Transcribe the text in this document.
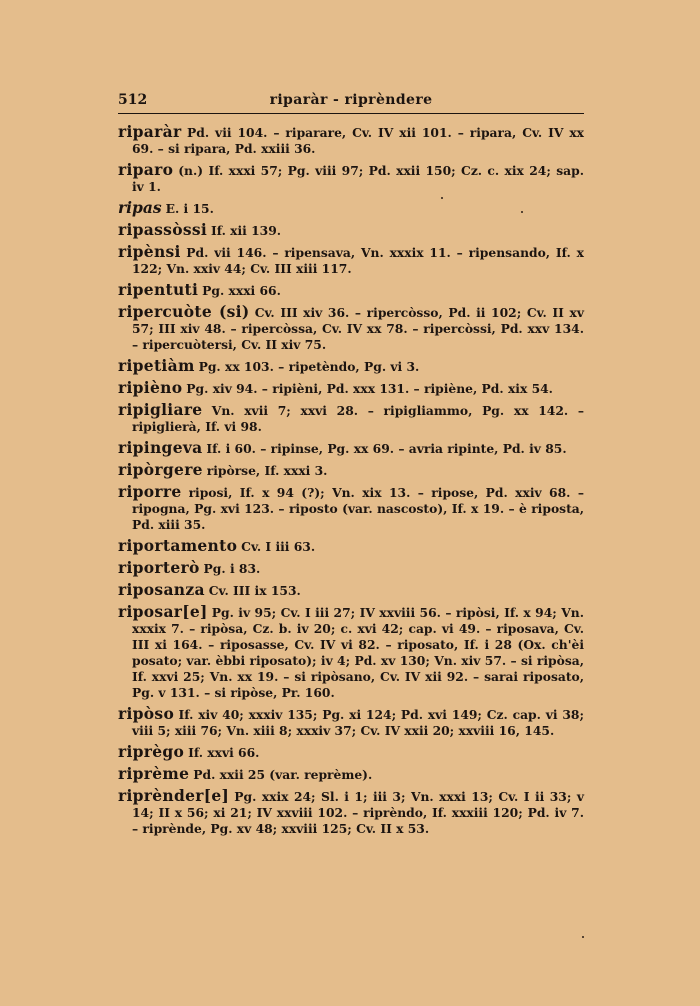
512	riparàr - riprèndere
riparàr Pd. vii 104. – riparare, Cv. IV xii 101. – ripara, Cv. IV xx 69. – si ripara, Pd. xxiii 36.
riparo (n.) If. xxxi 57; Pg. viii 97; Pd. xxii 150; Cz. c. xix 24; sap. iv 1.
ripas E. i 15.
ripassòssi If. xii 139.
ripènsi Pd. vii 146. – ripensava, Vn. xxxix 11. – ripensando, If. x 122; Vn. xxiv 44; Cv. III xiii 117.
ripentuti Pg. xxxi 66.
ripercuòte (si) Cv. III xiv 36. – ripercòsso, Pd. ii 102; Cv. II xv 57; III xiv 48. – ripercòssa, Cv. IV xx 78. – ripercòssi, Pd. xxv 134. – ripercuòtersi, Cv. II xiv 75.
ripetiàm Pg. xx 103. – ripetèndo, Pg. vi 3.
ripièno Pg. xiv 94. – ripièni, Pd. xxx 131. – ripiène, Pd. xix 54.
ripigliare Vn. xvii 7; xxvi 28. – ripigliammo, Pg. xx 142. – ripiglierà, If. vi 98.
ripingeva If. i 60. – ripinse, Pg. xx 69. – avria ripinte, Pd. iv 85.
ripòrgere ripòrse, If. xxxi 3.
riporre riposi, If. x 94 (?); Vn. xix 13. – ripose, Pd. xxiv 68. – ripogna, Pg. xvi 123. – riposto (var. nascosto), If. x 19. – è riposta, Pd. xiii 35.
riportamento Cv. I iii 63.
riporterò Pg. i 83.
riposanza Cv. III ix 153.
riposar[e] Pg. iv 95; Cv. I iii 27; IV xxviii 56. – ripòsi, If. x 94; Vn. xxxix 7. – ripòsa, Cz. b. iv 20; c. xvi 42; cap. vi 49. – riposava, Cv. III xi 164. – riposasse, Cv. IV vi 82. – riposato, If. i 28 (Ox. ch'èi posato; var. èbbi riposato); iv 4; Pd. xv 130; Vn. xiv 57. – si ripòsa, If. xxvi 25; Vn. xx 19. – si ripòsano, Cv. IV xii 92. – sarai riposato, Pg. v 131. – si ripòse, Pr. 160.
ripòso If. xiv 40; xxxiv 135; Pg. xi 124; Pd. xvi 149; Cz. cap. vi 38; viii 5; xiii 76; Vn. xiii 8; xxxiv 37; Cv. IV xxii 20; xxviii 16, 145.
riprègo If. xxvi 66.
riprème Pd. xxii 25 (var. reprème).
riprènder[e] Pg. xxix 24; Sl. i 1; iii 3; Vn. xxxi 13; Cv. I ii 33; v 14; II x 56; xi 21; IV xxviii 102. – riprèndo, If. xxxiii 120; Pd. iv 7. – riprènde, Pg. xv 48; xxviii 125; Cv. II x 53.
